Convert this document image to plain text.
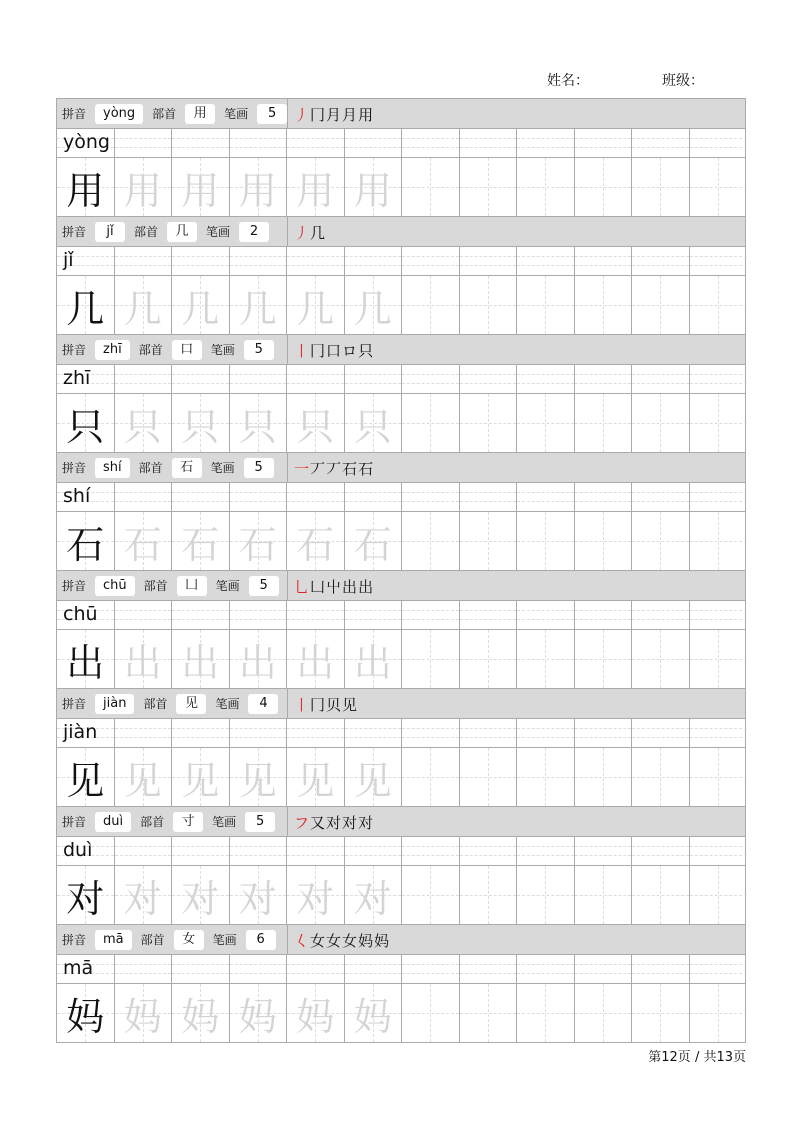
姓名：	班级：
拼音	yòng	部首	用	笔画	5	丿 冂 月 月 用
yòng
用 用 用 用 用 用
拼音	jǐ	部首	几	笔画	2	丿 几
jǐ
几 几 几 几 几 几
拼音	zhī	部首	口	笔画	5	丨 冂 口 ロ 只
zhī
只 只 只 只 只 只
拼音	shí	部首	石	笔画	5	一 丆 丆 石 石
shí
石 石 石 石 石 石
拼音	chū	部首	凵	笔画	5	乚 凵 屮 出 出
chū
出 出 出 出 出 出
拼音	jiàn	部首	见	笔画	4	丨 冂 贝 见
jiàn
见 见 见 见 见 见
拼音	duì	部首	寸	笔画	5	フ 又 对 对 对
duì
对 对 对 对 对 对
拼音	mā	部首	女	笔画	6	𡿨 女 女 女 妈 妈
mā
妈 妈 妈 妈 妈 妈
第12页 / 共13页
